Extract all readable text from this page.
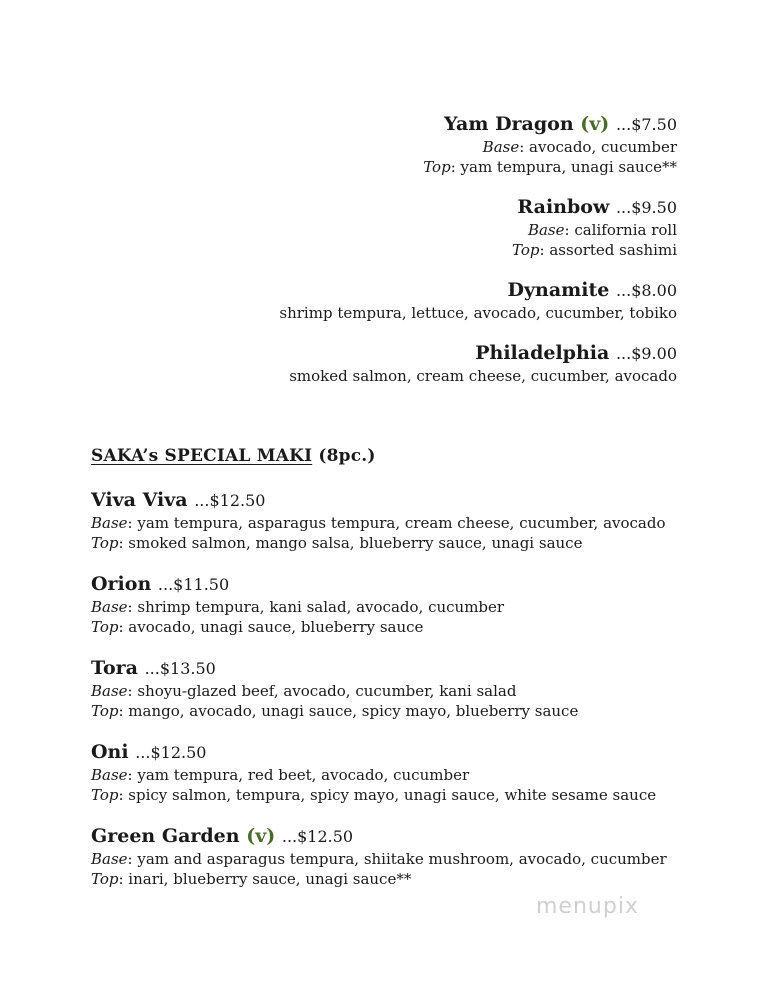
Yam Dragon (v) ...$7.50
Base: avocado, cucumber
Top: yam tempura, unagi sauce**
Rainbow ...$9.50
Base: california roll
Top: assorted sashimi
Dynamite ...$8.00
shrimp tempura, lettuce, avocado, cucumber, tobiko
Philadelphia ...$9.00
smoked salmon, cream cheese, cucumber, avocado
SAKA’s SPECIAL MAKI (8pc.)
Viva Viva ...$12.50
Base: yam tempura, asparagus tempura, cream cheese, cucumber, avocado
Top: smoked salmon, mango salsa, blueberry sauce, unagi sauce
Orion ...$11.50
Base: shrimp tempura, kani salad, avocado, cucumber
Top: avocado, unagi sauce, blueberry sauce
Tora ...$13.50
Base: shoyu-glazed beef, avocado, cucumber, kani salad
Top: mango, avocado, unagi sauce, spicy mayo, blueberry sauce
Oni ...$12.50
Base: yam tempura, red beet, avocado, cucumber
Top: spicy salmon, tempura, spicy mayo, unagi sauce, white sesame sauce
Green Garden (v) ...$12.50
Base: yam and asparagus tempura, shiitake mushroom, avocado, cucumber
Top: inari, blueberry sauce, unagi sauce**
menupix
